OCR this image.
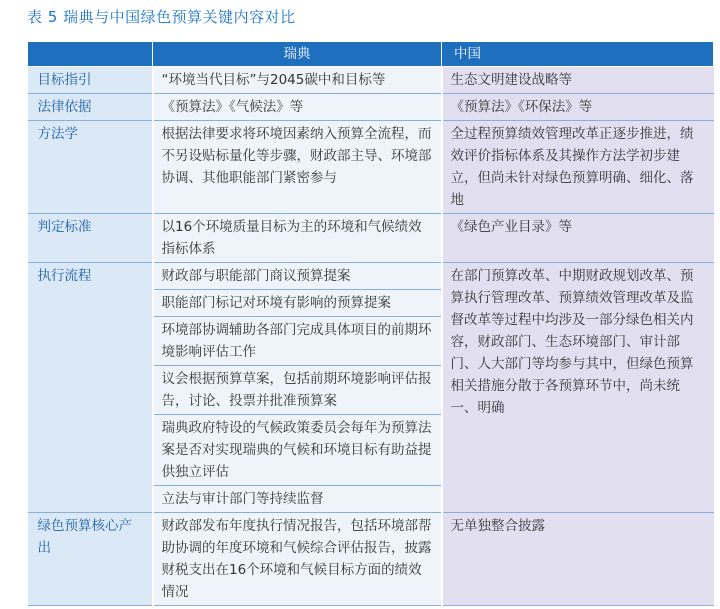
表 5 瑞典与中国绿色预算关键内容对比
	瑞典	中国
目标指引	“环境当代目标”与2045碳中和目标等	生态文明建设战略等
法律依据	《预算法》《气候法》等	《预算法》《环保法》等
方法学	根据法律要求将环境因素纳入预算全流程，而不另设贴标量化等步骤，财政部主导、环境部协调、其他职能部门紧密参与	全过程预算绩效管理改革正逐步推进，绩效评价指标体系及其操作方法学初步建立，但尚未针对绿色预算明确、细化、落地
判定标准	以16个环境质量目标为主的环境和气候绩效指标体系	《绿色产业目录》等
执行流程	财政部与职能部门商议预算提案	在部门预算改革、中期财政规划改革、预算执行管理改革、预算绩效管理改革及监督改革等过程中均涉及一部分绿色相关内容，财政部门、生态环境部门、审计部门、人大部门等均参与其中，但绿色预算相关措施分散于各预算环节中，尚未统一、明确
	职能部门标记对环境有影响的预算提案	
	环境部协调辅助各部门完成具体项目的前期环境影响评估工作	
	议会根据预算草案，包括前期环境影响评估报告，讨论、投票并批准预算案	
	瑞典政府特设的气候政策委员会每年为预算法案是否对实现瑞典的气候和环境目标有助益提供独立评估	
	立法与审计部门等持续监督	
绿色预算核心产出	财政部发布年度执行情况报告，包括环境部帮助协调的年度环境和气候综合评估报告，披露财税支出在16个环境和气候目标方面的绩效情况	无单独整合披露
